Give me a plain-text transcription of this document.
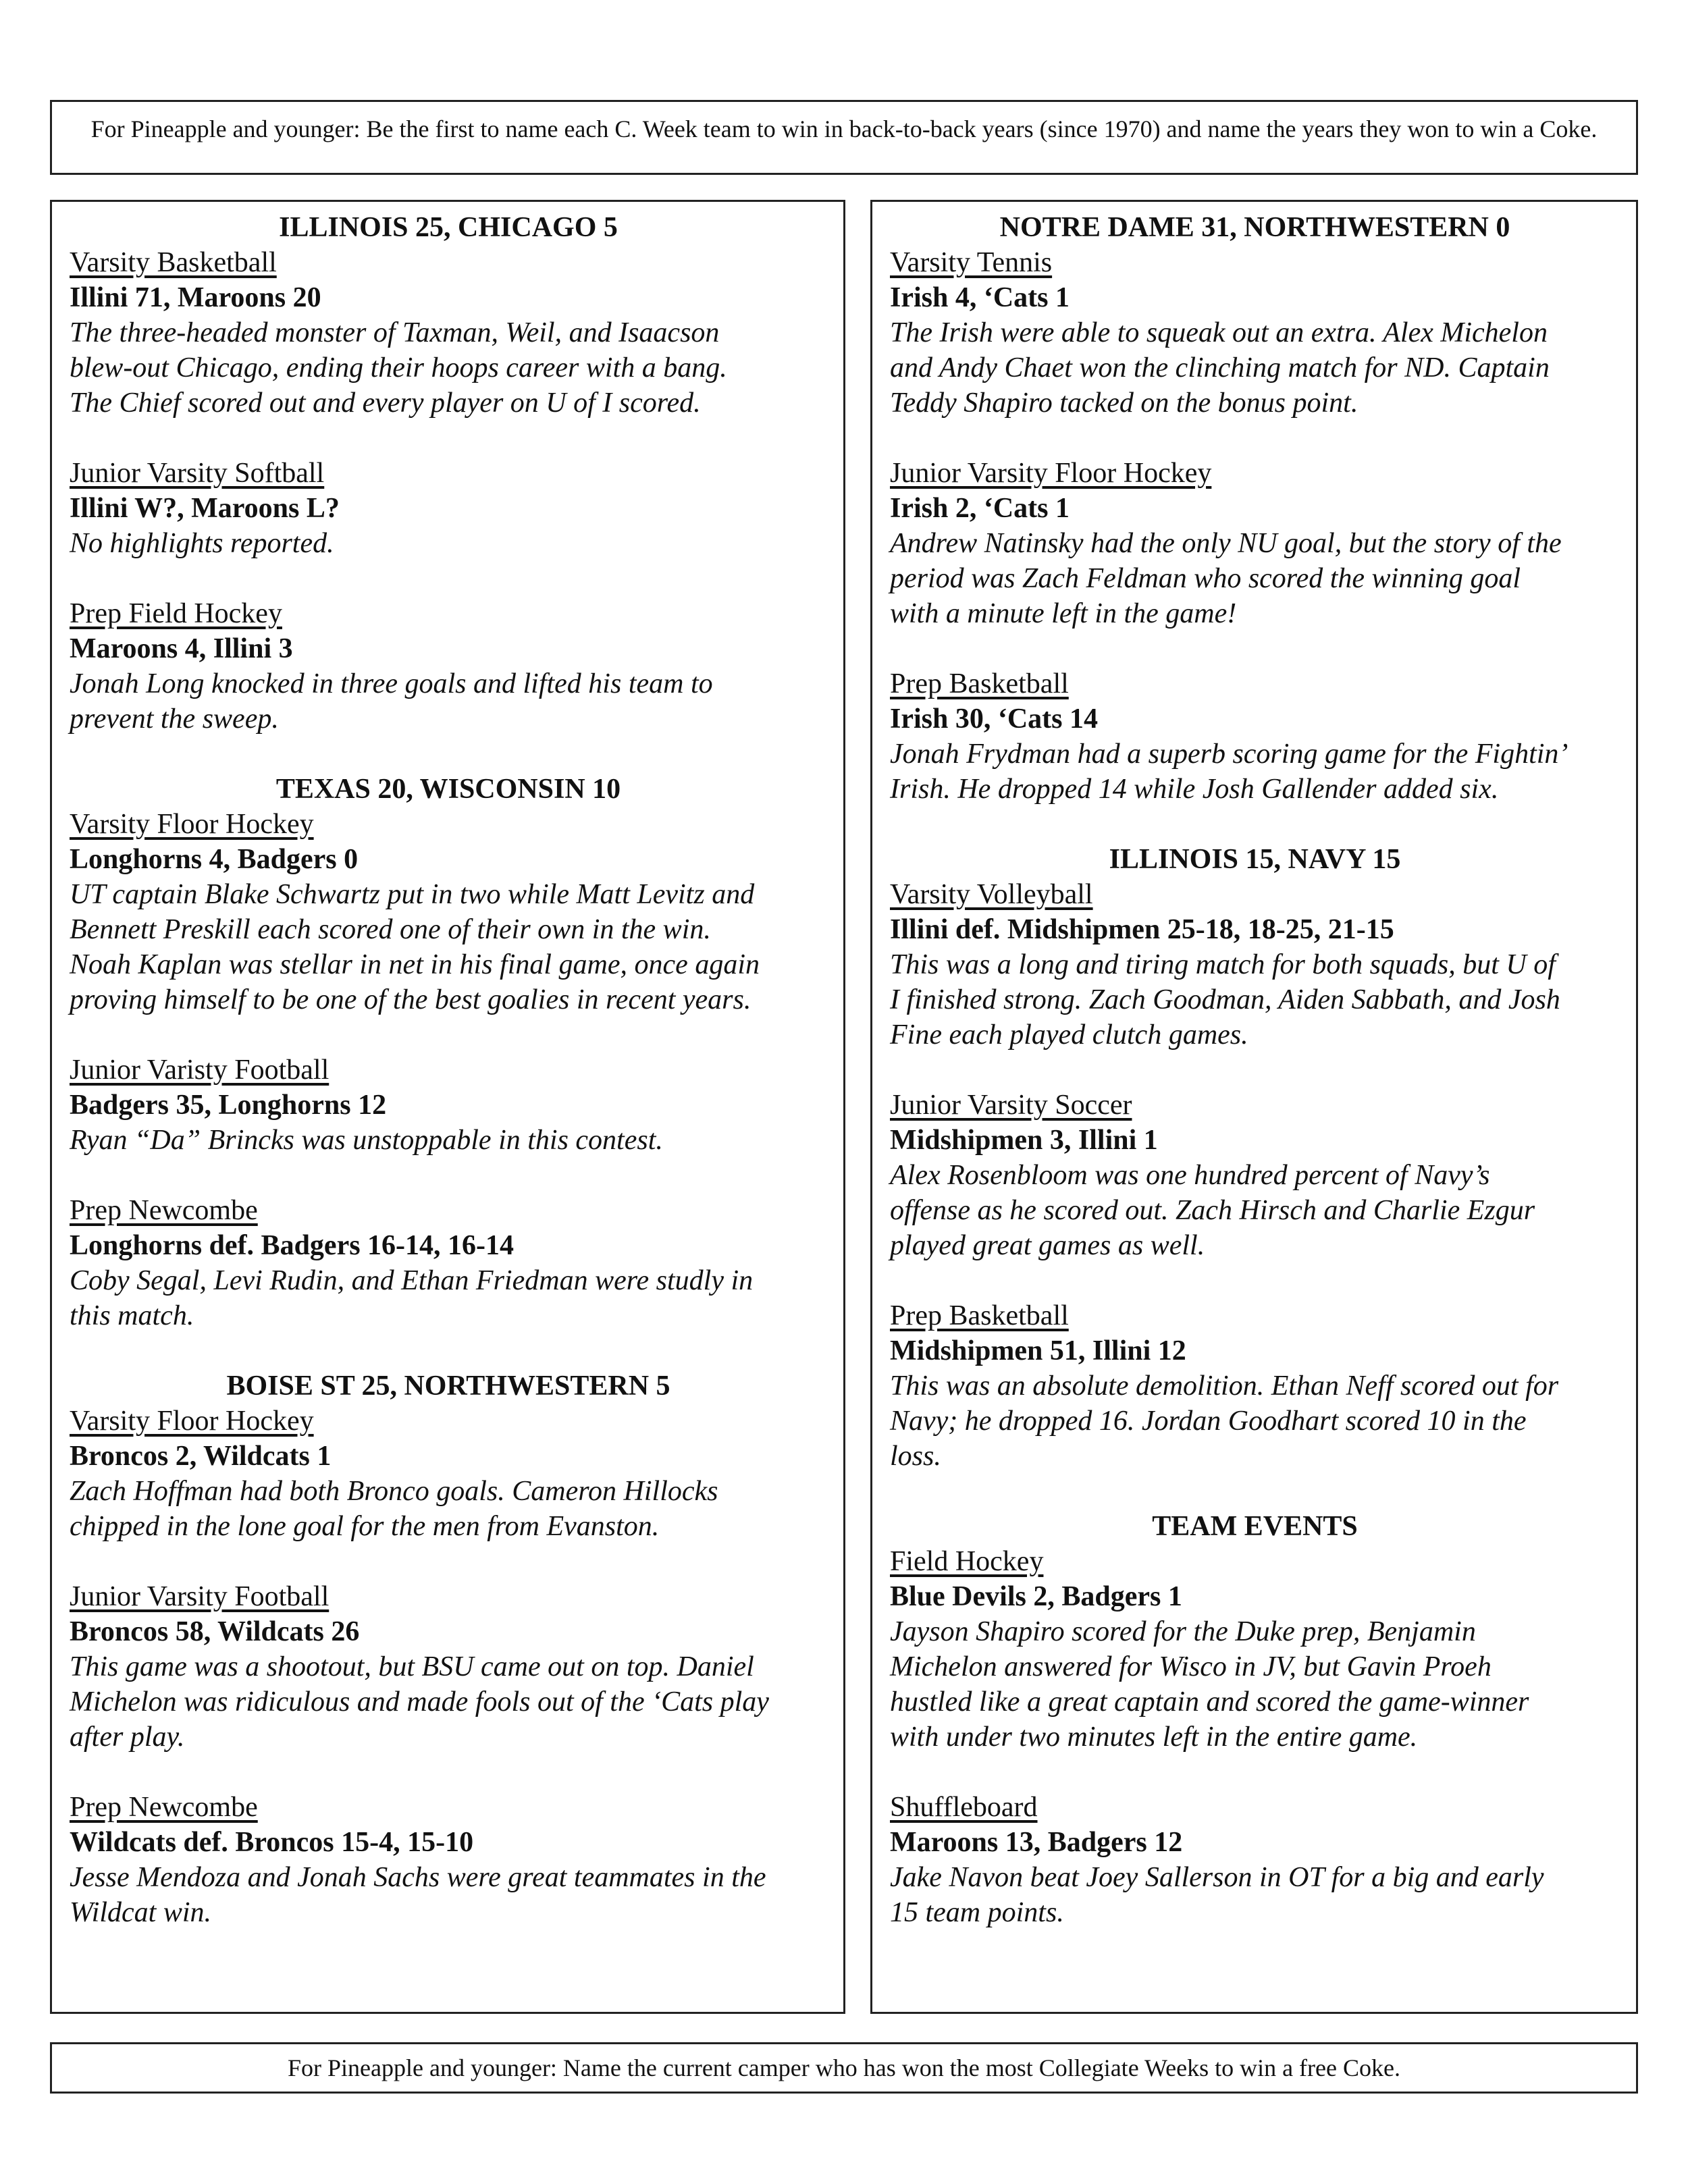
For Pineapple and younger: Be the first to name each C. Week team to win in back-to-back years (since 1970) and name the years they won to win a Coke.
ILLINOIS 25, CHICAGO 5
Varsity Basketball
Illini 71, Maroons 20
The three-headed monster of Taxman, Weil, and Isaacson
blew-out Chicago, ending their hoops career with a bang.
The Chief scored out and every player on U of I scored.
Junior Varsity Softball
Illini W?, Maroons L?
No highlights reported.
Prep Field Hockey
Maroons 4, Illini 3
Jonah Long knocked in three goals and lifted his team to
prevent the sweep.
TEXAS 20, WISCONSIN 10
Varsity Floor Hockey
Longhorns 4, Badgers 0
UT captain Blake Schwartz put in two while Matt Levitz and
Bennett Preskill each scored one of their own in the win.
Noah Kaplan was stellar in net in his final game, once again
proving himself to be one of the best goalies in recent years.
Junior Varisty Football
Badgers 35, Longhorns 12
Ryan “Da” Brincks was unstoppable in this contest.
Prep Newcombe
Longhorns def. Badgers 16-14, 16-14
Coby Segal, Levi Rudin, and Ethan Friedman were studly in
this match.
BOISE ST 25, NORTHWESTERN 5
Varsity Floor Hockey
Broncos 2, Wildcats 1
Zach Hoffman had both Bronco goals. Cameron Hillocks
chipped in the lone goal for the men from Evanston.
Junior Varsity Football
Broncos 58, Wildcats 26
This game was a shootout, but BSU came out on top. Daniel
Michelon was ridiculous and made fools out of the ‘Cats play
after play.
Prep Newcombe
Wildcats def. Broncos 15-4, 15-10
Jesse Mendoza and Jonah Sachs were great teammates in the
Wildcat win.
NOTRE DAME 31, NORTHWESTERN 0
Varsity Tennis
Irish 4, ‘Cats 1
The Irish were able to squeak out an extra. Alex Michelon
and Andy Chaet won the clinching match for ND. Captain
Teddy Shapiro tacked on the bonus point.
Junior Varsity Floor Hockey
Irish 2, ‘Cats 1
Andrew Natinsky had the only NU goal, but the story of the
period was Zach Feldman who scored the winning goal
with a minute left in the game!
Prep Basketball
Irish 30, ‘Cats 14
Jonah Frydman had a superb scoring game for the Fightin’
Irish. He dropped 14 while Josh Gallender added six.
ILLINOIS 15, NAVY 15
Varsity Volleyball
Illini def. Midshipmen 25-18, 18-25, 21-15
This was a long and tiring match for both squads, but U of
I finished strong. Zach Goodman, Aiden Sabbath, and Josh
Fine each played clutch games.
Junior Varsity Soccer
Midshipmen 3, Illini 1
Alex Rosenbloom was one hundred percent of Navy’s
offense as he scored out. Zach Hirsch and Charlie Ezgur
played great games as well.
Prep Basketball
Midshipmen 51, Illini 12
This was an absolute demolition. Ethan Neff scored out for
Navy; he dropped 16. Jordan Goodhart scored 10 in the
loss.
TEAM EVENTS
Field Hockey
Blue Devils 2, Badgers 1
Jayson Shapiro scored for the Duke prep, Benjamin
Michelon answered for Wisco in JV, but Gavin Proeh
hustled like a great captain and scored the game-winner
with under two minutes left in the entire game.
Shuffleboard
Maroons 13, Badgers 12
Jake Navon beat Joey Sallerson in OT for a big and early
15 team points.
For Pineapple and younger: Name the current camper who has won the most Collegiate Weeks to win a free Coke.
